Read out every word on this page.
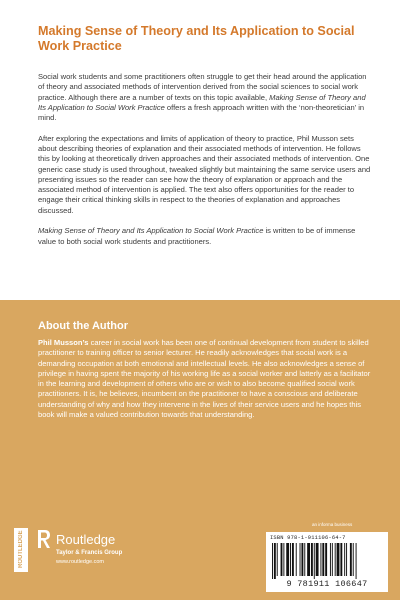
Making Sense of Theory and Its Application to Social Work Practice

Social work students and some practitioners often struggle to get their head around the application of theory and associated methods of intervention derived from the social sciences to social work practice. Although there are a number of texts on this topic available, Making Sense of Theory and Its Application to Social Work Practice offers a fresh approach written with the ‘non-theoretician’ in mind.

After exploring the expectations and limits of application of theory to practice, Phil Musson sets about describing theories of explanation and their associated methods of intervention. He follows this by looking at theoretically driven approaches and their associated methods of intervention. One generic case study is used throughout, tweaked slightly but maintaining the same service users and presenting issues so the reader can see how the theory of explanation or approach and the associated method of intervention is applied. The text also offers opportunities for the reader to engage their critical thinking skills in respect to the theories of explanation and approaches discussed.

Making Sense of Theory and Its Application to Social Work Practice is written to be of immense value to both social work students and practitioners.

About the Author

Phil Musson’s career in social work has been one of continual development from student to skilled practitioner to training officer to senior lecturer. He readily acknowledges that social work is a demanding occupation at both emotional and intellectual levels. He also acknowledges a sense of privilege in having spent the majority of his working life as a social worker and latterly as a facilitator in the learning and development of others who are or wish to also become qualified social work practitioners. It is, he believes, incumbent on the practitioner to have a conscious and deliberate understanding of why and how they intervene in the lives of their service users and he hopes this book will make a valued contribution towards that understanding.

ROUTLEDGE Routledge
Taylor & Francis Group
www.routledge.com
an informa business
ISBN 978-1-911106-64-7
9 781911 106647
